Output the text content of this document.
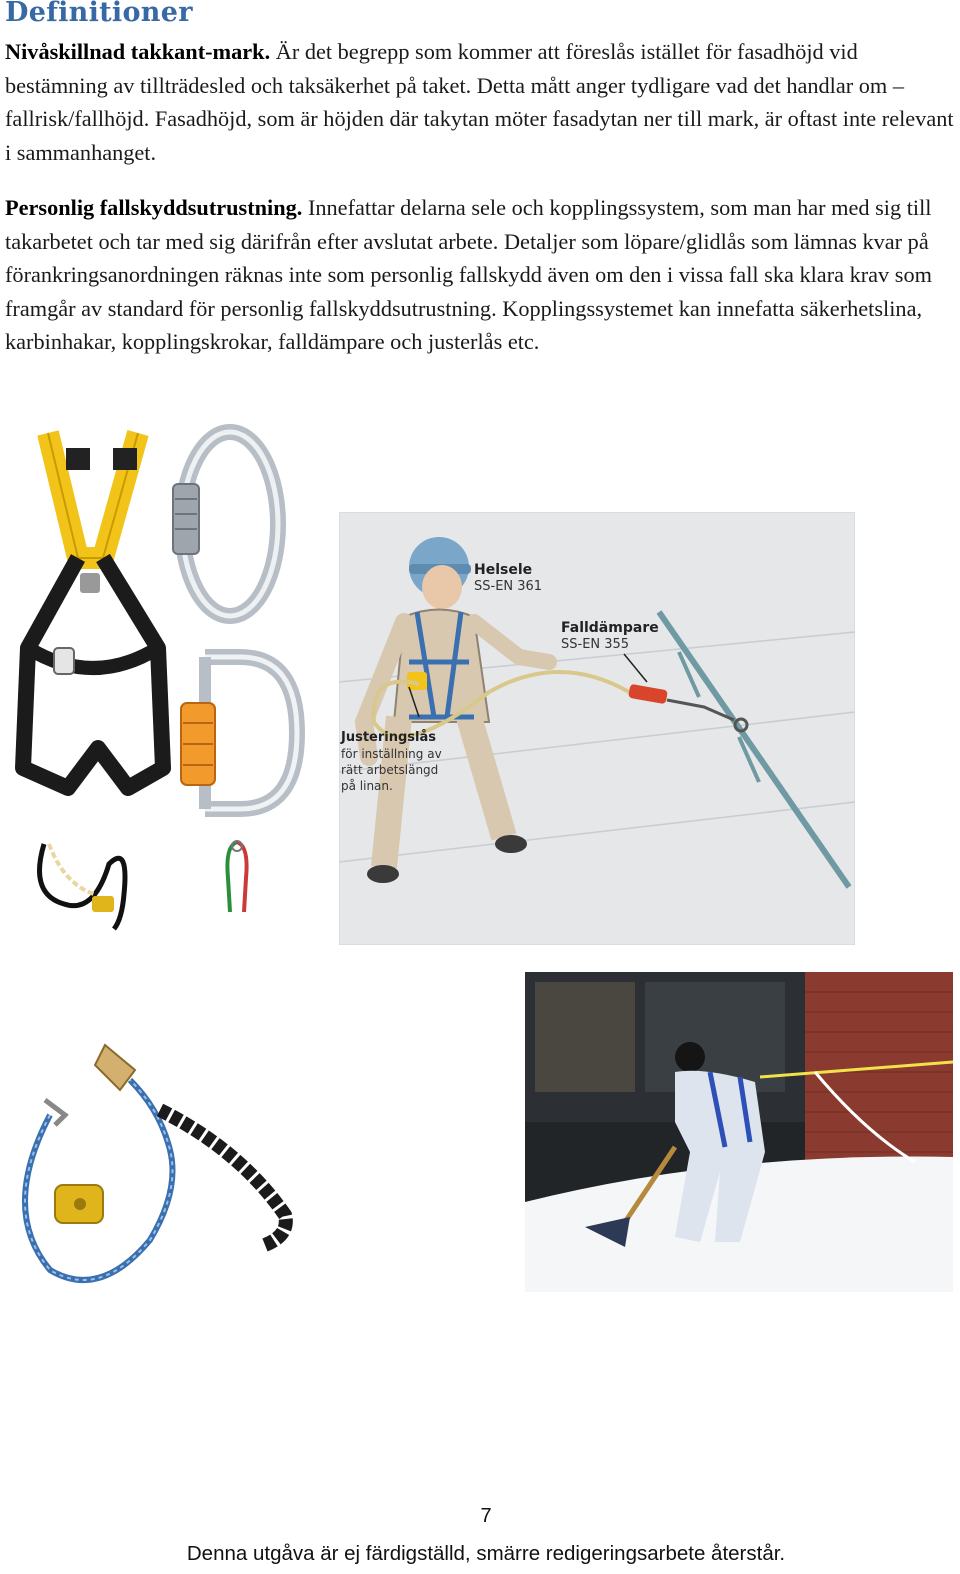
Definitioner

Nivåskillnad takkant-mark. Är det begrepp som kommer att föreslås istället för fasadhöjd vid bestämning av tillträdesled och taksäkerhet på taket. Detta mått anger tydligare vad det handlar om – fallrisk/fallhöjd. Fasadhöjd, som är höjden där takytan möter fasadytan ner till mark, är oftast inte relevant i sammanhanget.

Personlig fallskyddsutrustning. Innefattar delarna sele och kopplingssystem, som man har med sig till takarbetet och tar med sig därifrån efter avslutat arbete. Detaljer som löpare/glidlås som lämnas kvar på förankringsanordningen räknas inte som personlig fallskydd även om den i vissa fall ska klara krav som framgår av standard för personlig fallskyddsutrustning. Kopplingssystemet kan innefatta säkerhetslina, karbinhakar, kopplingskrokar, falldämpare och justerlås etc.

Helsele
SS-EN 361
Falldämpare
SS-EN 355
Justeringslås
för inställning av
rätt arbetslängd
på linan.
7
Denna utgåva är ej färdigställd, smärre redigeringsarbete återstår.
